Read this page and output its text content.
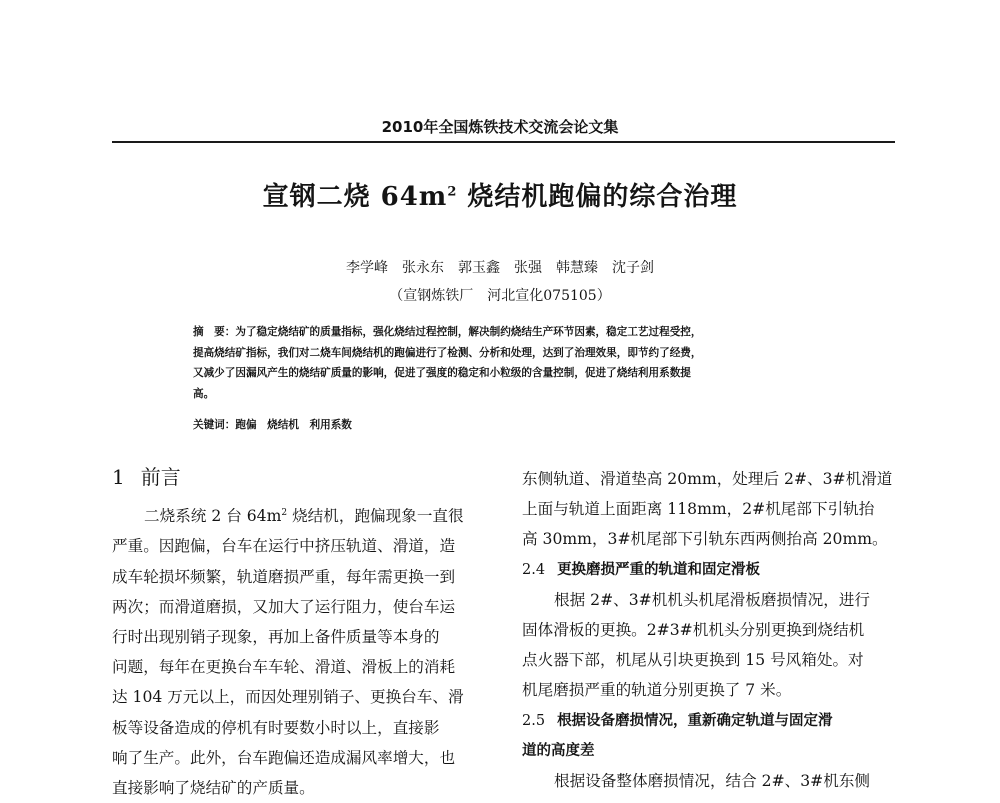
2010年全国炼铁技术交流会论文集
宣钢二烧 $64m^2$ 烧结机跑偏的综合治理
李学峰　张永东　郭玉鑫　张强　韩慧臻　沈子剑
（宣钢炼铁厂　河北宣化075105）
摘　要：为了稳定烧结矿的质量指标，强化烧结过程控制，解决制约烧结生产环节因素，稳定工艺过程受控，
提高烧结矿指标，我们对二烧车间烧结机的跑偏进行了检测、分析和处理，达到了治理效果，即节约了经费，
又减少了因漏风产生的烧结矿质量的影响，促进了强度的稳定和小粒级的含量控制，促进了烧结利用系数提
高。
关键词：跑偏　烧结机　利用系数
1 前言
二烧系统 2 台 $64m^2$ 烧结机，跑偏现象一直很
严重。因跑偏，台车在运行中挤压轨道、滑道，造
成车轮损坏频繁，轨道磨损严重，每年需更换一到
两次；而滑道磨损，又加大了运行阻力，使台车运
行时出现别销子现象，再加上备件质量等本身的
问题，每年在更换台车车轮、滑道、滑板上的消耗
达 104 万元以上，而因处理别销子、更换台车、滑
板等设备造成的停机有时要数小时以上，直接影
响了生产。此外，台车跑偏还造成漏风率增大，也
直接影响了烧结矿的产质量。
东侧轨道、滑道垫高 20mm，处理后 2#、3#机滑道
上面与轨道上面距离 118mm，2#机尾部下引轨抬
高 30mm，3#机尾部下引轨东西两侧抬高 20mm。
2.4 更换磨损严重的轨道和固定滑板
根据 2#、3#机机头机尾滑板磨损情况，进行
固体滑板的更换。2#3#机机头分别更换到烧结机
点火器下部，机尾从引块更换到 15 号风箱处。对
机尾磨损严重的轨道分别更换了 7 米。
2.5 根据设备磨损情况，重新确定轨道与固定滑
道的高度差
根据设备整体磨损情况，结合 2#、3#机东侧
